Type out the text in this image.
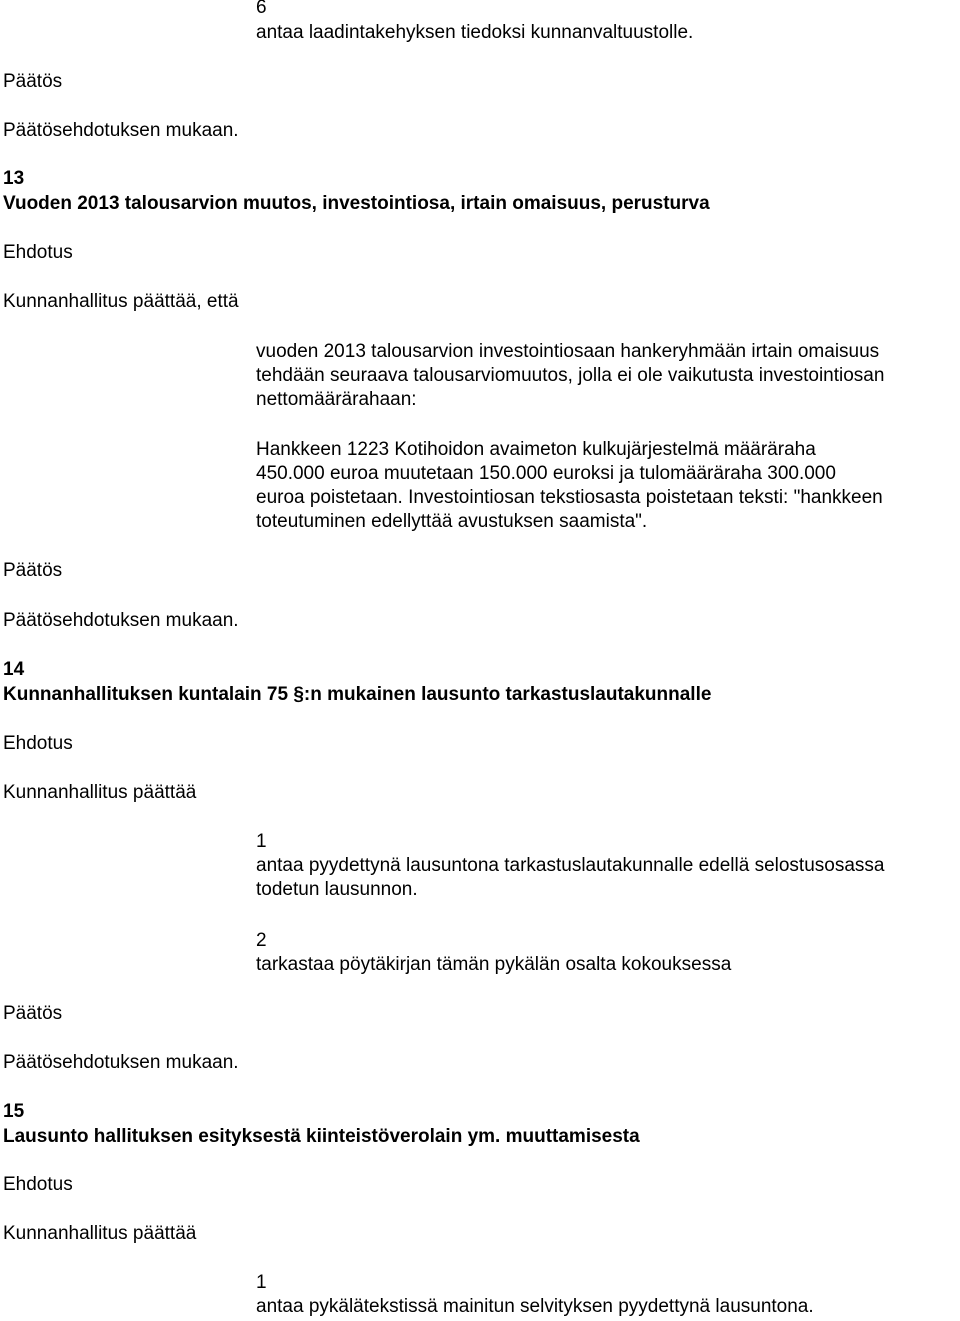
6
antaa laadintakehyksen tiedoksi kunnanvaltuustolle.
Päätös
Päätösehdotuksen mukaan.
13
Vuoden 2013 talousarvion muutos, investointiosa, irtain omaisuus, perusturva
Ehdotus
Kunnanhallitus päättää, että
vuoden 2013 talousarvion investointiosaan hankeryhmään irtain omaisuus
tehdään seuraava talousarviomuutos, jolla ei ole vaikutusta investointiosan
nettomäärärahaan:
Hankkeen 1223 Kotihoidon avaimeton kulkujärjestelmä määräraha
450.000 euroa muutetaan 150.000 euroksi ja tulomääräraha 300.000
euroa poistetaan. Investointiosan tekstiosasta poistetaan teksti: "hankkeen
toteutuminen edellyttää avustuksen saamista".
Päätös
Päätösehdotuksen mukaan.
14
Kunnanhallituksen kuntalain 75 §:n mukainen lausunto tarkastuslautakunnalle
Ehdotus
Kunnanhallitus päättää
1
antaa pyydettynä lausuntona tarkastuslautakunnalle edellä selostusosassa
todetun lausunnon.
2
tarkastaa pöytäkirjan tämän pykälän osalta kokouksessa
Päätös
Päätösehdotuksen mukaan.
15
Lausunto hallituksen esityksestä kiinteistöverolain ym. muuttamisesta
Ehdotus
Kunnanhallitus päättää
1
antaa pykälätekstissä mainitun selvityksen pyydettynä lausuntona.
